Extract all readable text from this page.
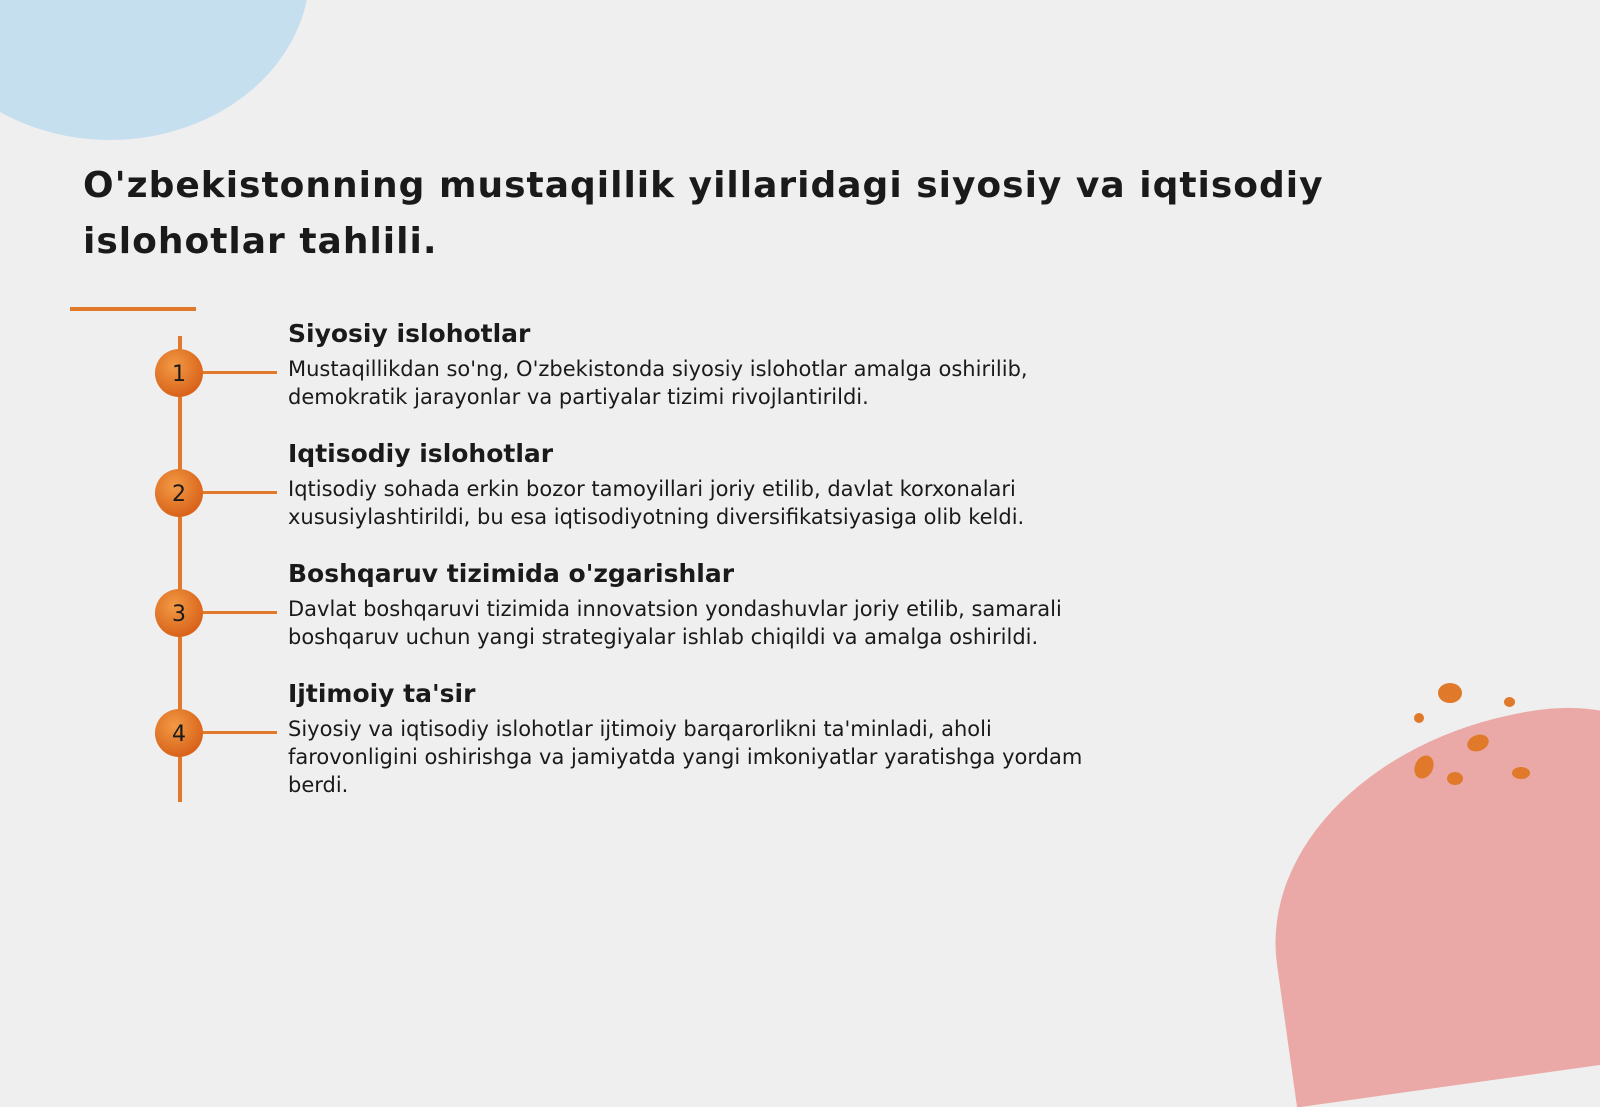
O'zbekistonning mustaqillik yillaridagi siyosiy va iqtisodiy islohotlar tahlili.
1
Siyosiy islohotlar

Mustaqillikdan so'ng, O'zbekistonda siyosiy islohotlar amalga oshirilib, demokratik jarayonlar va partiyalar tizimi rivojlantirildi.

2
Iqtisodiy islohotlar

Iqtisodiy sohada erkin bozor tamoyillari joriy etilib, davlat korxonalari xususiylashtirildi, bu esa iqtisodiyotning diversifikatsiyasiga olib keldi.

3
Boshqaruv tizimida o'zgarishlar

Davlat boshqaruvi tizimida innovatsion yondashuvlar joriy etilib, samarali boshqaruv uchun yangi strategiyalar ishlab chiqildi va amalga oshirildi.

4
Ijtimoiy ta'sir

Siyosiy va iqtisodiy islohotlar ijtimoiy barqarorlikni ta'minladi, aholi farovonligini oshirishga va jamiyatda yangi imkoniyatlar yaratishga yordam berdi.
